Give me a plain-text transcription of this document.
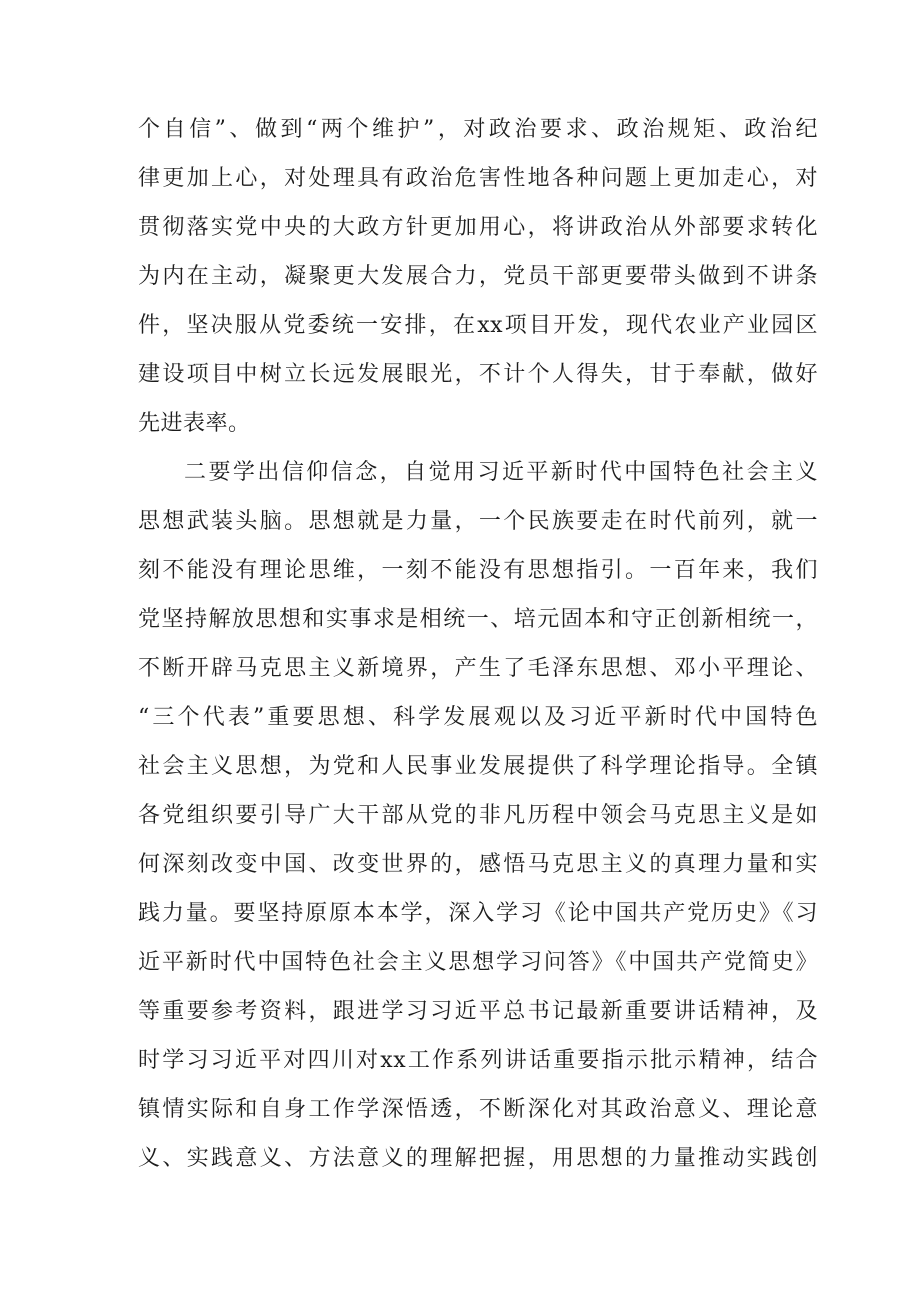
个自信”、做到“两个维护”，对政治要求、政治规矩、政治纪
律更加上心，对处理具有政治危害性地各种问题上更加走心，对
贯彻落实党中央的大政方针更加用心，将讲政治从外部要求转化
为内在主动，凝聚更大发展合力，党员干部更要带头做到不讲条
件，坚决服从党委统一安排，在xx项目开发，现代农业产业园区
建设项目中树立长远发展眼光，不计个人得失，甘于奉献，做好
先进表率。
二要学出信仰信念，自觉用习近平新时代中国特色社会主义
思想武装头脑。思想就是力量，一个民族要走在时代前列，就一
刻不能没有理论思维，一刻不能没有思想指引。一百年来，我们
党坚持解放思想和实事求是相统一、培元固本和守正创新相统一，
不断开辟马克思主义新境界，产生了毛泽东思想、邓小平理论、
“三个代表”重要思想、科学发展观以及习近平新时代中国特色
社会主义思想，为党和人民事业发展提供了科学理论指导。全镇
各党组织要引导广大干部从党的非凡历程中领会马克思主义是如
何深刻改变中国、改变世界的，感悟马克思主义的真理力量和实
践力量。要坚持原原本本学，深入学习《论中国共产党历史》《习
近平新时代中国特色社会主义思想学习问答》《中国共产党简史》
等重要参考资料，跟进学习习近平总书记最新重要讲话精神，及
时学习习近平对四川对xx工作系列讲话重要指示批示精神，结合
镇情实际和自身工作学深悟透，不断深化对其政治意义、理论意
义、实践意义、方法意义的理解把握，用思想的力量推动实践创
